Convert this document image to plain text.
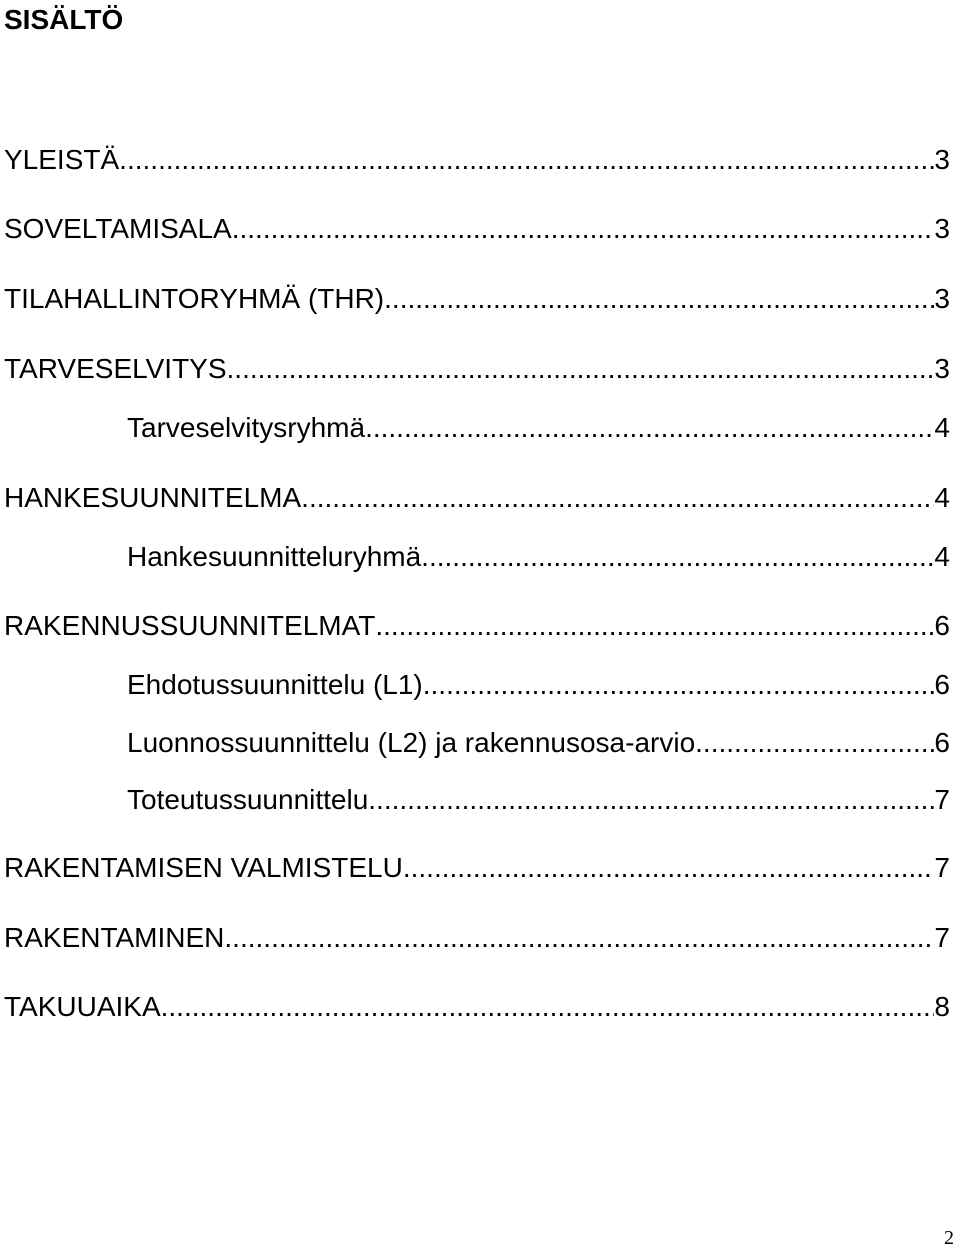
SISÄLTÖ
YLEISTÄ .....	3
SOVELTAMISALA .....	3
TILAHALLINTORYHMÄ (THR) .....	3
TARVESELVITYS .....	3
Tarveselvitysryhmä .....	4
HANKESUUNNITELMA .....	4
Hankesuunnitteluryhmä .....	4
RAKENNUSSUUNNITELMAT .....	6
Ehdotussuunnittelu (L1) .....	6
Luonnossuunnittelu (L2) ja rakennusosa-arvio .....	6
Toteutussuunnittelu .....	7
RAKENTAMISEN VALMISTELU .....	7
RAKENTAMINEN .....	7
TAKUUAIKA .....	8
2
